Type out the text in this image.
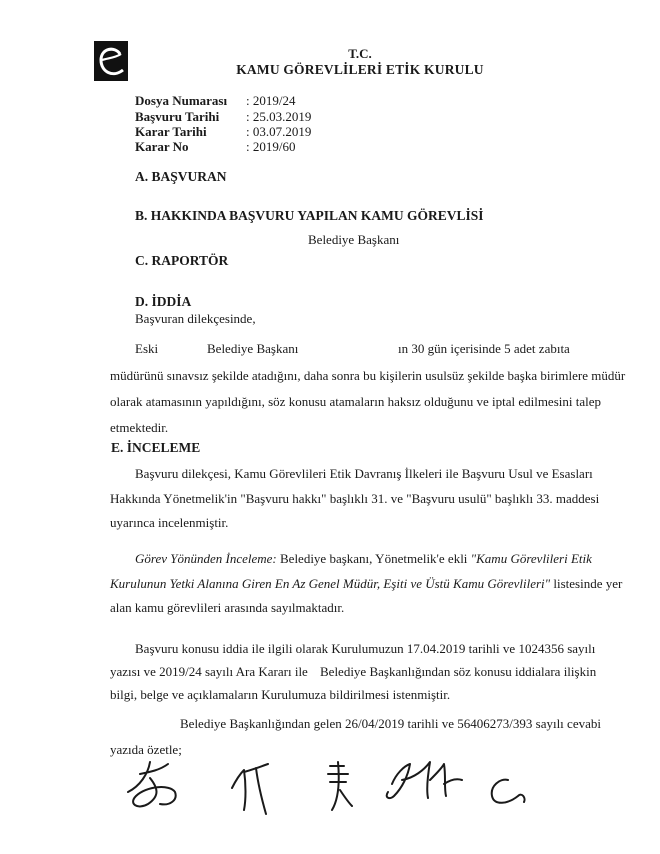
T.C.
KAMU GÖREVLİLERİ ETİK KURULU
Dosya Numarası : 2019/24
Başvuru Tarihi : 25.03.2019
Karar Tarihi	: 03.07.2019
Karar No	: 2019/60
A. BAŞVURAN
B. HAKKINDA BAŞVURU YAPILAN KAMU GÖREVLİSİ
Belediye Başkanı
C. RAPORTÖR
D. İDDİA
Başvuran dilekçesinde,
Eski	Belediye Başkanı	ın 30 gün içerisinde 5 adet zabıta
müdürünü sınavsız şekilde atadığını, daha sonra bu kişilerin usulsüz şekilde başka birimlere müdür
olarak atamasının yapıldığını, söz konusu atamaların haksız olduğunu ve iptal edilmesini talep
etmektedir.
E. İNCELEME
Başvuru dilekçesi, Kamu Görevlileri Etik Davranış İlkeleri ile Başvuru Usul ve Esasları
Hakkında Yönetmelik'in "Başvuru hakkı" başlıklı 31. ve "Başvuru usulü" başlıklı 33. maddesi
uyarınca incelenmiştir.
Görev Yönünden İnceleme: Belediye başkanı, Yönetmelik'e ekli "Kamu Görevlileri Etik
Kurulunun Yetki Alanına Giren En Az Genel Müdür, Eşiti ve Üstü Kamu Görevlileri" listesinde yer
alan kamu görevlileri arasında sayılmaktadır.
Başvuru konusu iddia ile ilgili olarak Kurulumuzun 17.04.2019 tarihli ve 1024356 sayılı
yazısı ve 2019/24 sayılı Ara Kararı ile Belediye Başkanlığından söz konusu iddialara ilişkin
bilgi, belge ve açıklamaların Kurulumuza bildirilmesi istenmiştir.
Belediye Başkanlığından gelen 26/04/2019 tarihli ve 56406273/393 sayılı cevabi
yazıda özetle;
